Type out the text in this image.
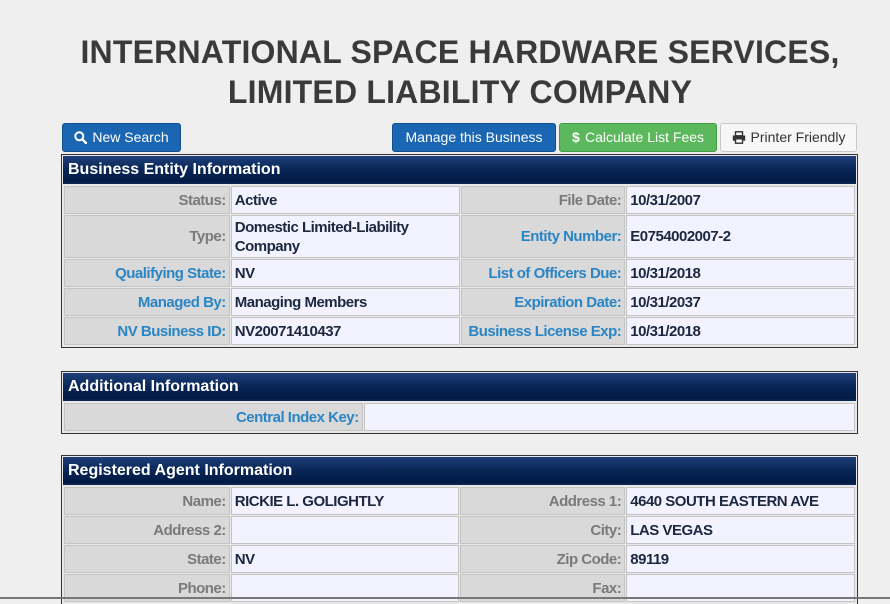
INTERNATIONAL SPACE HARDWARE SERVICES,
LIMITED LIABILITY COMPANY
New Search	Manage this Business	$ Calculate List Fees	Printer Friendly
Business Entity Information
Status:	Active	File Date:	10/31/2007
Type:	Domestic Limited-Liability Company	Entity Number:	E0754002007-2
Qualifying State:	NV	List of Officers Due:	10/31/2018
Managed By:	Managing Members	Expiration Date:	10/31/2037
NV Business ID:	NV20071410437	Business License Exp:	10/31/2018
Additional Information
Central Index Key:	
Registered Agent Information
Name:	RICKIE L. GOLIGHTLY	Address 1:	4640 SOUTH EASTERN AVE
Address 2:		City:	LAS VEGAS
State:	NV	Zip Code:	89119
Phone:		Fax:	
